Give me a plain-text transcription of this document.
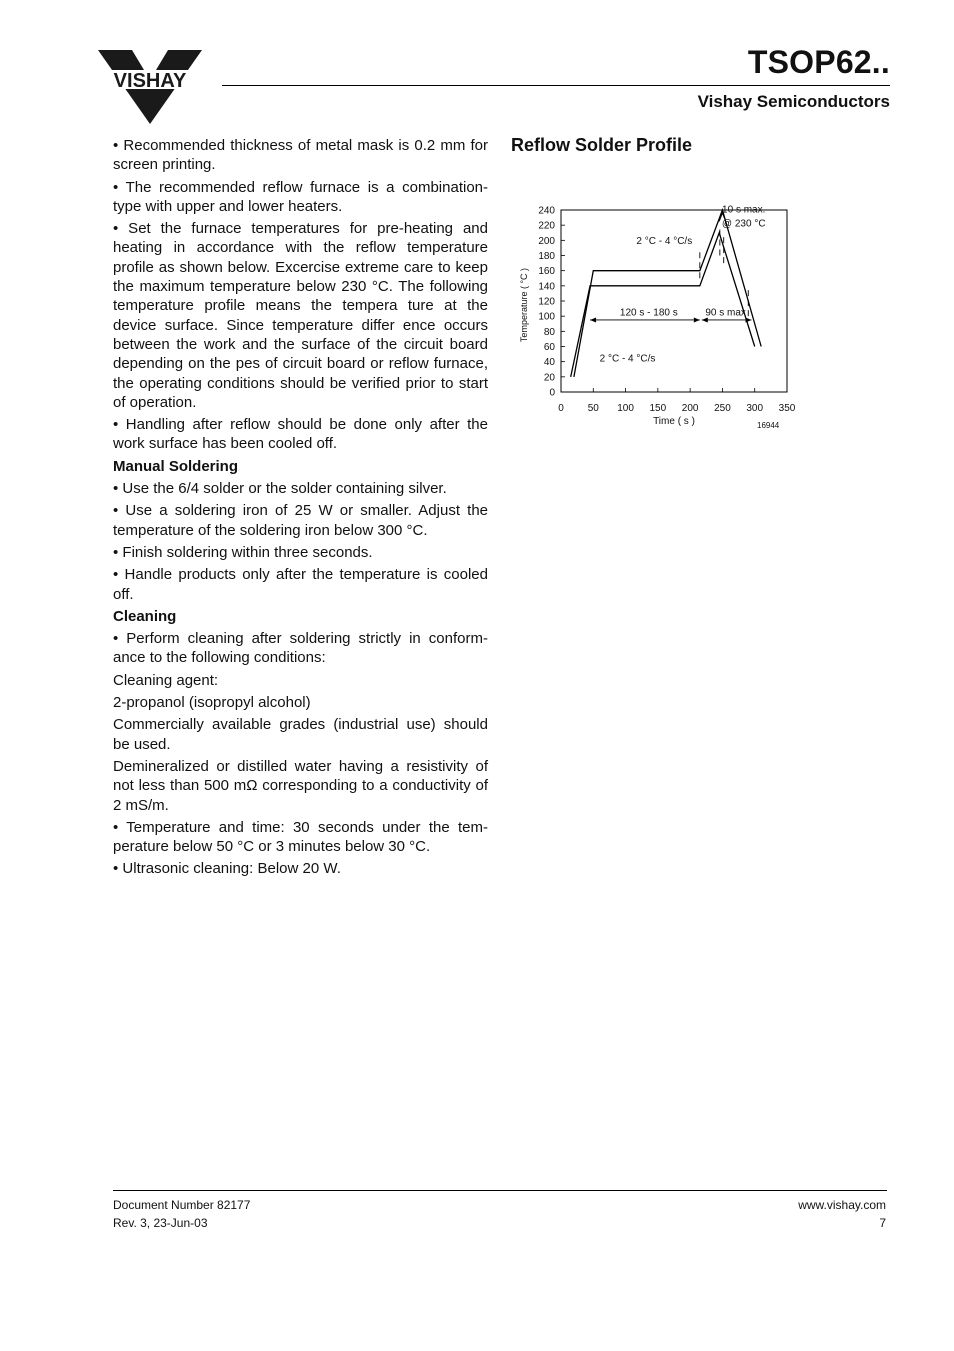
VISHAY
TSOP62..
Vishay Semiconductors

• Recommended thickness of metal mask is 0.2 mm for screen printing.

• The recommended reflow furnace is a combination-type with upper and lower heaters.

• Set the furnace temperatures for pre-heating and heating in accordance with the reflow temperature profile as shown below. Excercise extreme care to keep the maximum temperature below 230 °C. The following temperature profile means the tempera ture at the device surface. Since temperature differ ence occurs between the work and the surface of the circuit board depending on the pes of circuit board or reflow furnace, the operating conditions should be verified prior to start of operation.

• Handling after reflow should be done only after the work surface has been cooled off.

Manual Soldering

• Use the 6/4 solder or the solder containing silver.

• Use a soldering iron of 25 W or smaller. Adjust the temperature of the soldering iron below 300 °C.

• Finish soldering within three seconds.

• Handle products only after the temperature is cooled off.

Cleaning

• Perform cleaning after soldering strictly in conform-ance to the following conditions:

Cleaning agent:

2-propanol (isopropyl alcohol)

Commercially available grades (industrial use) should be used.

Demineralized or distilled water having a resistivity of not less than 500 mΩ corresponding to a conductivity of 2 mS/m.

• Temperature and time: 30 seconds under the tem-perature below 50 °C or 3 minutes below 30 °C.

• Ultrasonic cleaning: Below 20 W.

Reflow Solder Profile
0
20
40
60
80
100
120
140
160
180
200
220
240
0 50 100 150 200 250 300 350
Time ( s )
Temperature ( °C )
10 s max.
@ 230 °C
2 °C - 4 °C/s
120 s - 180 s	90 s max
2 °C - 4 °C/s
16944
Document Number 82177
Rev. 3, 23-Jun-03
www.vishay.com
7
